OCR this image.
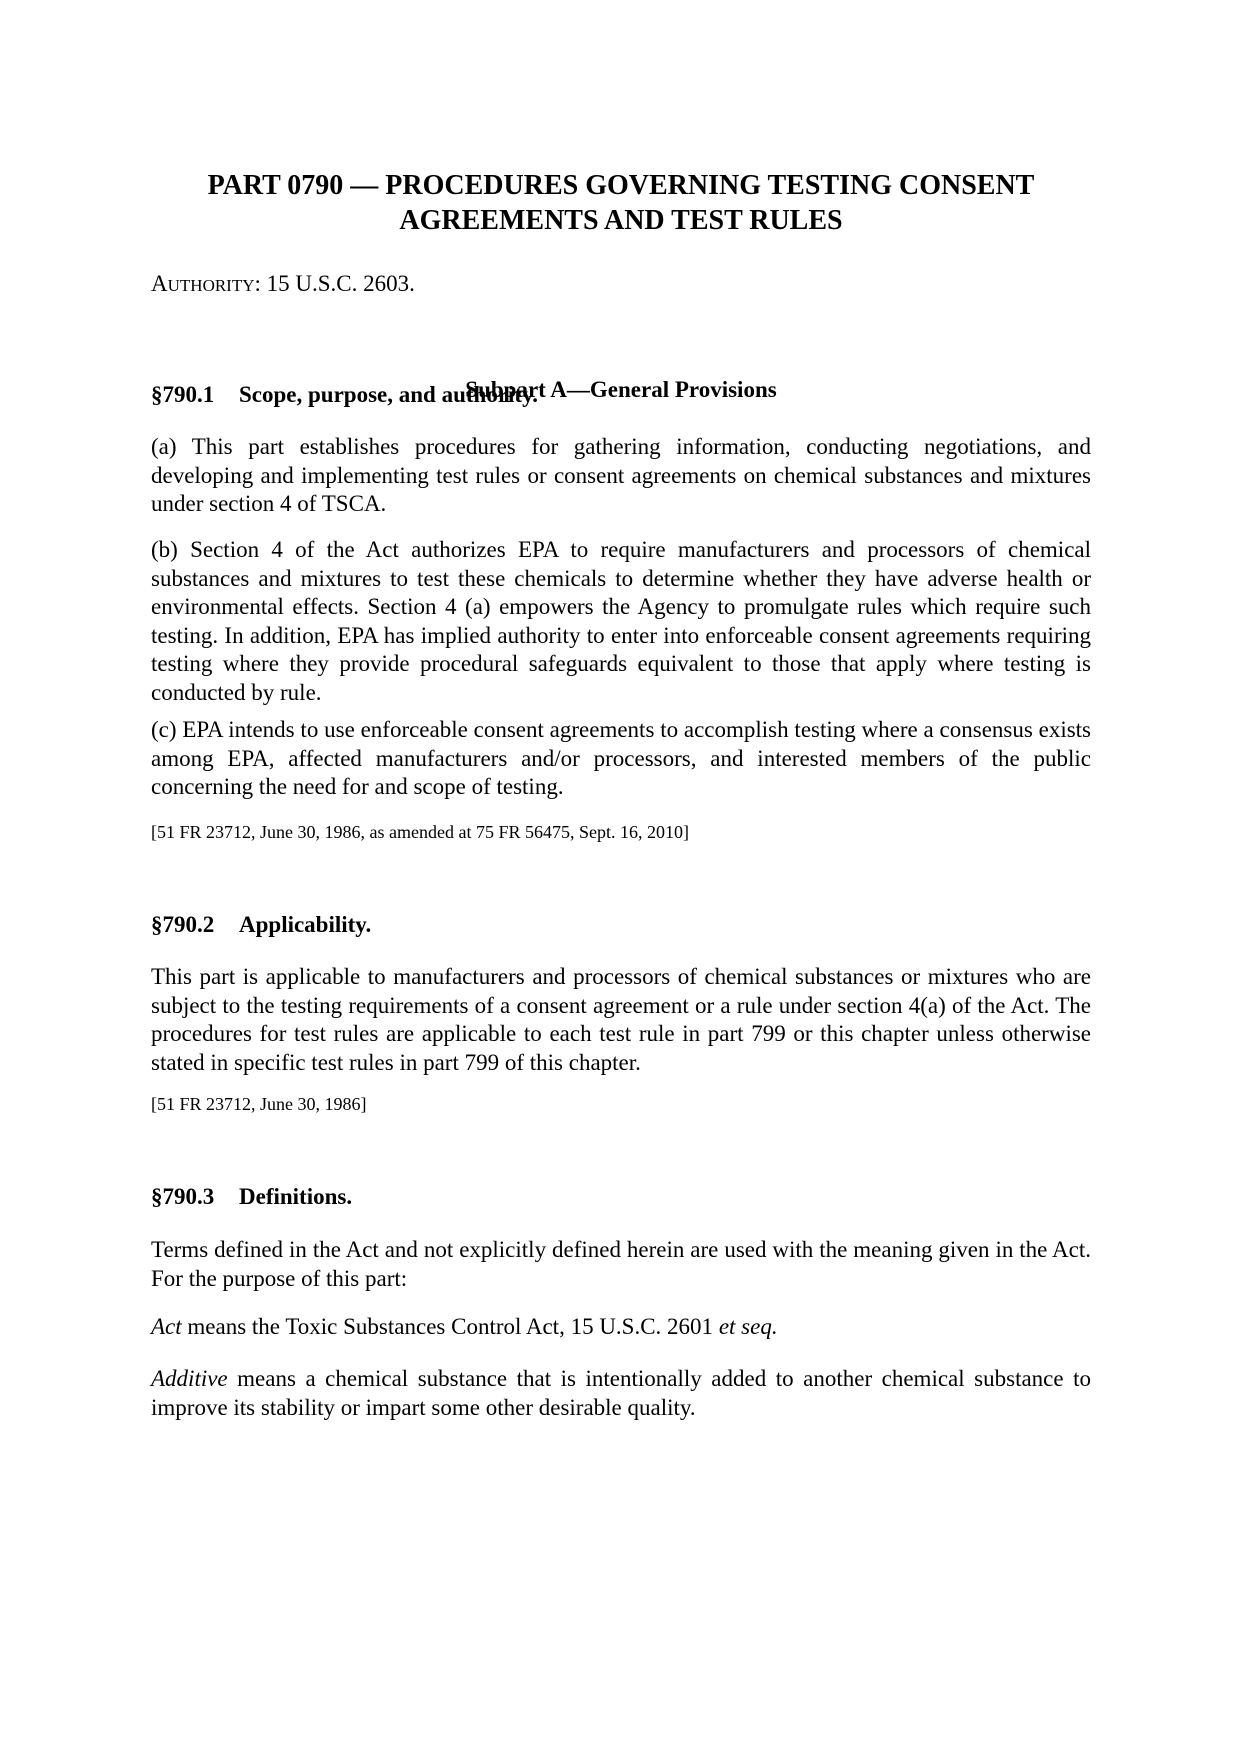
PART 0790 ― PROCEDURES GOVERNING TESTING CONSENT
AGREEMENTS AND TEST RULES

AUTHORITY: 15 U.S.C. 2603.

Subpart A―General Provisions
§790.1 Scope, purpose, and authority.

(a) This part establishes procedures for gathering information, conducting negotiations, and developing and implementing test rules or consent agreements on chemical substances and mixtures under section 4 of TSCA.

(b) Section 4 of the Act authorizes EPA to require manufacturers and processors of chemical substances and mixtures to test these chemicals to determine whether they have adverse health or environmental effects. Section 4 (a) empowers the Agency to promulgate rules which require such testing. In addition, EPA has implied authority to enter into enforceable consent agreements requiring testing where they provide procedural safeguards equivalent to those that apply where testing is conducted by rule.

(c) EPA intends to use enforceable consent agreements to accomplish testing where a consensus exists among EPA, affected manufacturers and/or processors, and interested members of the public concerning the need for and scope of testing.

[51 FR 23712, June 30, 1986, as amended at 75 FR 56475, Sept. 16, 2010]

§790.2 Applicability.

This part is applicable to manufacturers and processors of chemical substances or mixtures who are subject to the testing requirements of a consent agreement or a rule under section 4(a) of the Act. The procedures for test rules are applicable to each test rule in part 799 or this chapter unless otherwise stated in specific test rules in part 799 of this chapter.

[51 FR 23712, June 30, 1986]

§790.3 Definitions.

Terms defined in the Act and not explicitly defined herein are used with the meaning given in the Act. For the purpose of this part:

Act means the Toxic Substances Control Act, 15 U.S.C. 2601 et seq.

Additive means a chemical substance that is intentionally added to another chemical substance to improve its stability or impart some other desirable quality.
